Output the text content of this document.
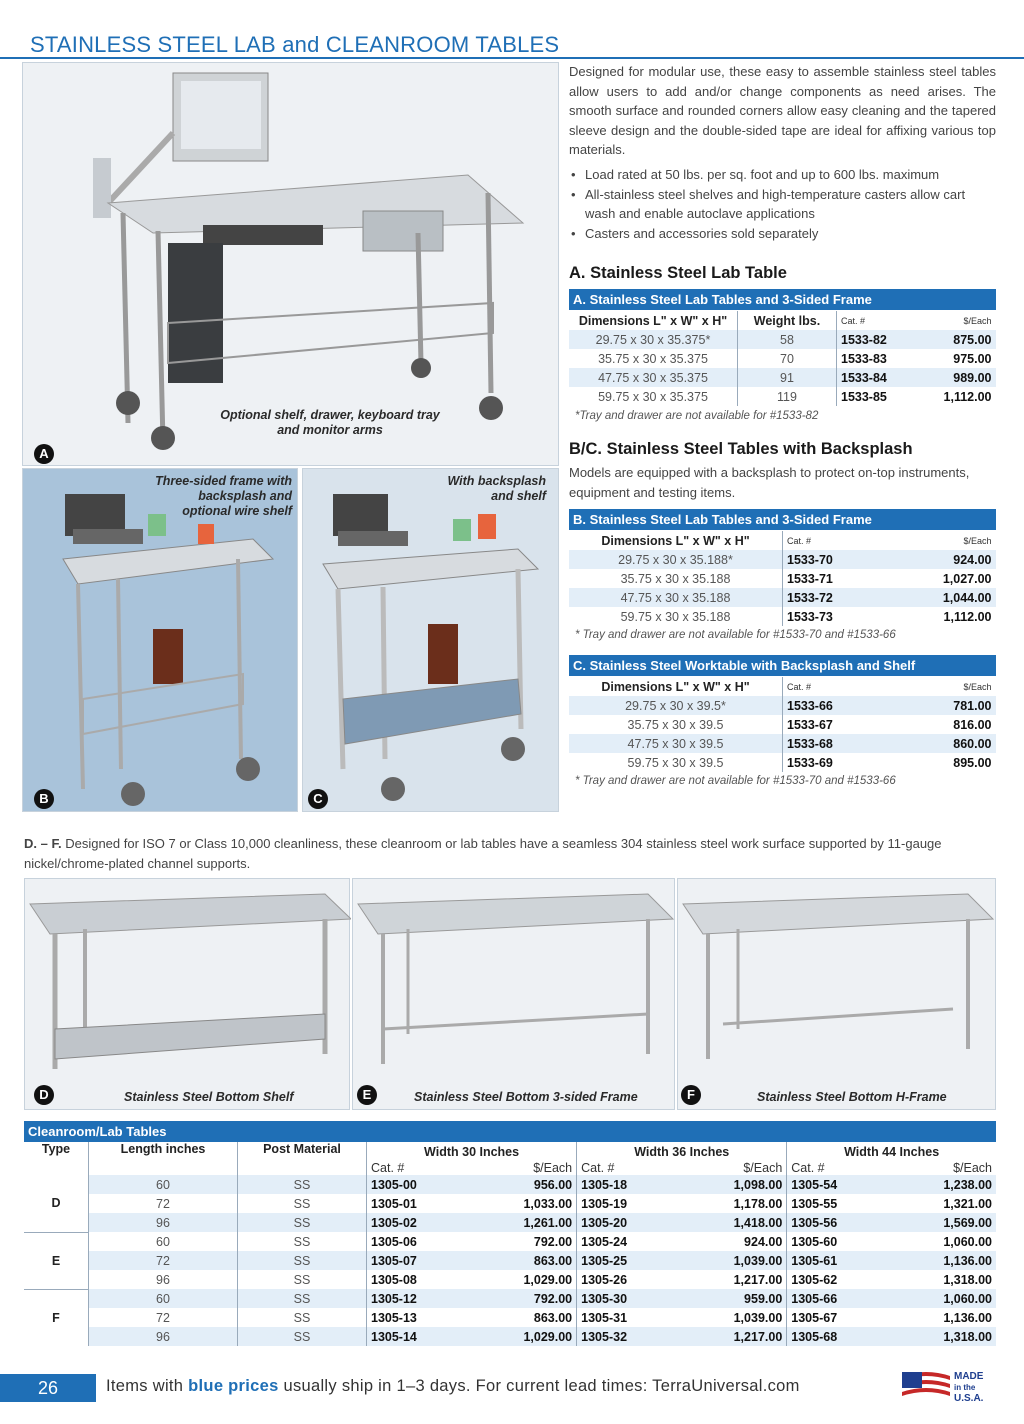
STAINLESS STEEL LAB and CLEANROOM TABLES
Optional shelf, drawer, keyboard tray and monitor arms
A
Three-sided frame with backsplash and optional wire shelf
B
With backsplash and shelf
C
Designed for modular use, these easy to assemble stainless steel tables allow users to add and/or change components as need arises. The smooth surface and rounded corners allow easy cleaning and the tapered sleeve design and the double-sided tape are ideal for affixing various top materials.
• Load rated at 50 lbs. per sq. foot and up to 600 lbs. maximum
• All-stainless steel shelves and high-temperature casters allow cart wash and enable autoclave applications
• Casters and accessories sold separately
A. Stainless Steel Lab Table
A. Stainless Steel Lab Tables and 3-Sided Frame
Dimensions L" x W" x H"	Weight lbs.	Cat. #	$/Each
29.75 x 30 x 35.375*	58	1533-82	875.00
35.75 x 30 x 35.375	70	1533-83	975.00
47.75 x 30 x 35.375	91	1533-84	989.00
59.75 x 30 x 35.375	119	1533-85	1,112.00
*Tray and drawer are not available for #1533-82
B/C. Stainless Steel Tables with Backsplash
Models are equipped with a backsplash to protect on-top instruments, equipment and testing items.
B. Stainless Steel Lab Tables and 3-Sided Frame
Dimensions L" x W" x H"	Cat. #	$/Each
29.75 x 30 x 35.188*	1533-70	924.00
35.75 x 30 x 35.188	1533-71	1,027.00
47.75 x 30 x 35.188	1533-72	1,044.00
59.75 x 30 x 35.188	1533-73	1,112.00
* Tray and drawer are not available for #1533-70 and #1533-66
C. Stainless Steel Worktable with Backsplash and Shelf
Dimensions L" x W" x H"	Cat. #	$/Each
29.75 x 30 x 39.5*	1533-66	781.00
35.75 x 30 x 39.5	1533-67	816.00
47.75 x 30 x 39.5	1533-68	860.00
59.75 x 30 x 39.5	1533-69	895.00
* Tray and drawer are not available for #1533-70 and #1533-66
D. – F. Designed for ISO 7 or Class 10,000 cleanliness, these cleanroom or lab tables have a seamless 304 stainless steel work surface supported by 11-gauge nickel/chrome-plated channel supports.
Stainless Steel Bottom Shelf
D	Stainless Steel Bottom 3-sided Frame
E	Stainless Steel Bottom H-Frame
F
Cleanroom/Lab Tables
Type	Length inches	Post Material	Width 30 Inches		Width 36 Inches		Width 44 Inches	
			Cat. #	$/Each	Cat. #	$/Each	Cat. #	$/Each
D	60	SS	1305-00	956.00	1305-18	1,098.00	1305-54	1,238.00
	72	SS	1305-01	1,033.00	1305-19	1,178.00	1305-55	1,321.00
	96	SS	1305-02	1,261.00	1305-20	1,418.00	1305-56	1,569.00
E	60	SS	1305-06	792.00	1305-24	924.00	1305-60	1,060.00
	72	SS	1305-07	863.00	1305-25	1,039.00	1305-61	1,136.00
	96	SS	1305-08	1,029.00	1305-26	1,217.00	1305-62	1,318.00
F	60	SS	1305-12	792.00	1305-30	959.00	1305-66	1,060.00
	72	SS	1305-13	863.00	1305-31	1,039.00	1305-67	1,136.00
	96	SS	1305-14	1,029.00	1305-32	1,217.00	1305-68	1,318.00
26	Items with blue prices usually ship in 1–3 days. For current lead times: TerraUniversal.com
MADE
in the
U.S.A.
